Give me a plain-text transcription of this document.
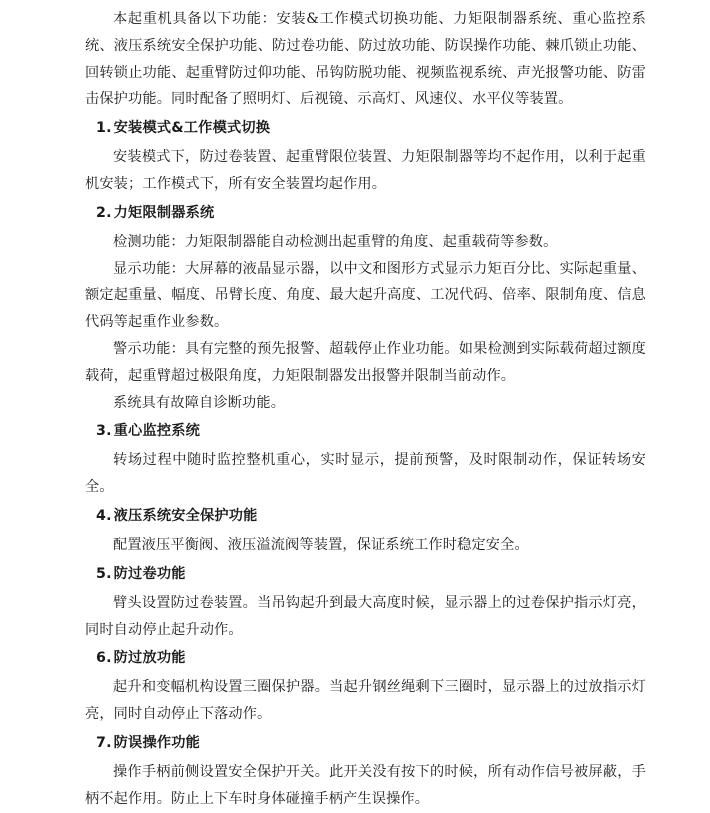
本起重机具备以下功能：安装&工作模式切换功能、力矩限制器系统、重心监控系统、液压系统安全保护功能、防过卷功能、防过放功能、防误操作功能、棘爪锁止功能、回转锁止功能、起重臂防过仰功能、吊钩防脱功能、视频监视系统、声光报警功能、防雷击保护功能。同时配备了照明灯、后视镜、示高灯、风速仪、水平仪等装置。

1. 安装模式&工作模式切换

安装模式下，防过卷装置、起重臂限位装置、力矩限制器等均不起作用，以利于起重机安装；工作模式下，所有安全装置均起作用。

2. 力矩限制器系统

检测功能：力矩限制器能自动检测出起重臂的角度、起重载荷等参数。

显示功能：大屏幕的液晶显示器，以中文和图形方式显示力矩百分比、实际起重量、额定起重量、幅度、吊臂长度、角度、最大起升高度、工况代码、倍率、限制角度、信息代码等起重作业参数。

警示功能：具有完整的预先报警、超载停止作业功能。如果检测到实际载荷超过额度载荷，起重臂超过极限角度，力矩限制器发出报警并限制当前动作。

系统具有故障自诊断功能。

3. 重心监控系统

转场过程中随时监控整机重心，实时显示，提前预警，及时限制动作，保证转场安全。

4. 液压系统安全保护功能

配置液压平衡阀、液压溢流阀等装置，保证系统工作时稳定安全。

5. 防过卷功能

臂头设置防过卷装置。当吊钩起升到最大高度时候，显示器上的过卷保护指示灯亮，同时自动停止起升动作。

6. 防过放功能

起升和变幅机构设置三圈保护器。当起升钢丝绳剩下三圈时，显示器上的过放指示灯亮，同时自动停止下落动作。

7. 防误操作功能

操作手柄前侧设置安全保护开关。此开关没有按下的时候，所有动作信号被屏蔽，手柄不起作用。防止上下车时身体碰撞手柄产生误操作。
